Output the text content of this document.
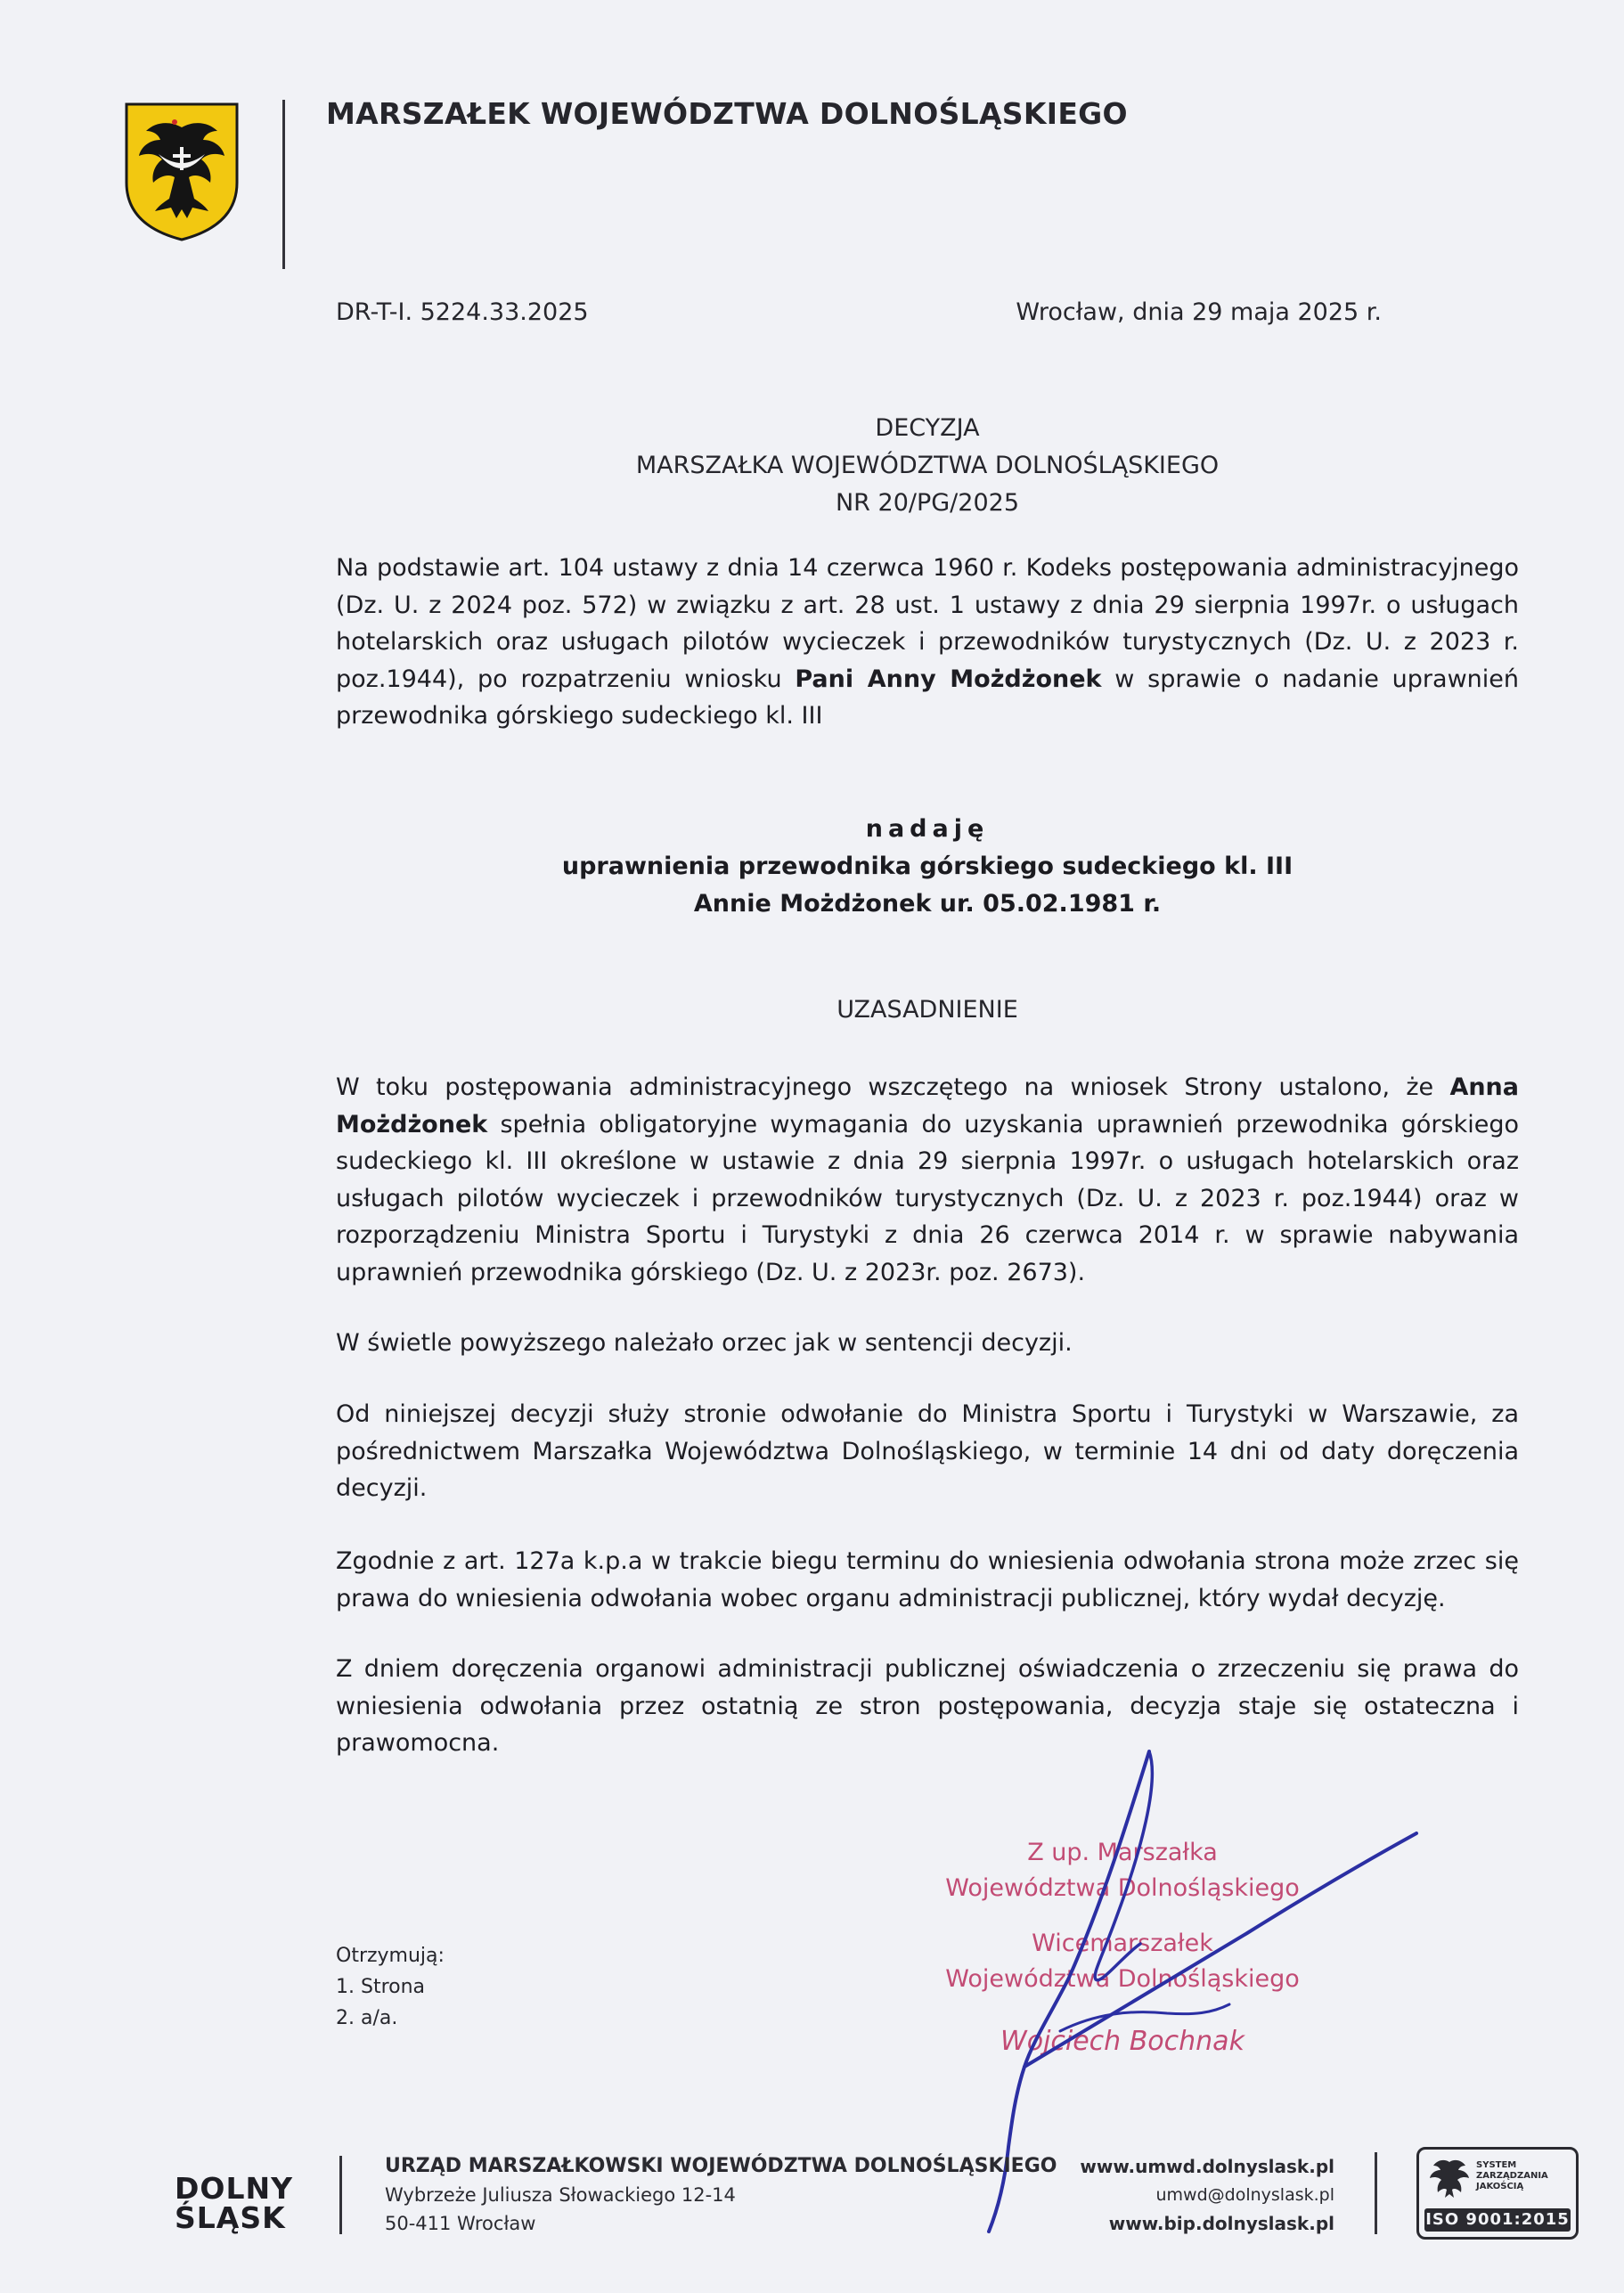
MARSZAŁEK WOJEWÓDZTWA DOLNOŚLĄSKIEGO
DR-T-I. 5224.33.2025	Wrocław, dnia 29 maja 2025 r.
DECYZJA
MARSZAŁKA WOJEWÓDZTWA DOLNOŚLĄSKIEGO
NR 20/PG/2025
Na podstawie art. 104 ustawy z dnia 14 czerwca 1960 r. Kodeks postępowania administracyjnego (Dz. U. z 2024 poz. 572) w związku z art. 28 ust. 1 ustawy z dnia 29 sierpnia 1997r. o usługach hotelarskich oraz usługach pilotów wycieczek i przewodników turystycznych (Dz. U. z 2023 r. poz.1944), po rozpatrzeniu wniosku Pani Anny Możdżonek w sprawie o nadanie uprawnień przewodnika górskiego sudeckiego kl. III
nadaję
uprawnienia przewodnika górskiego sudeckiego kl. III
Annie Możdżonek ur. 05.02.1981 r.
UZASADNIENIE
W toku postępowania administracyjnego wszczętego na wniosek Strony ustalono, że Anna Możdżonek spełnia obligatoryjne wymagania do uzyskania uprawnień przewodnika górskiego sudeckiego kl. III określone w ustawie z dnia 29 sierpnia 1997r. o usługach hotelarskich oraz usługach pilotów wycieczek i przewodników turystycznych (Dz. U. z 2023 r. poz.1944) oraz w rozporządzeniu Ministra Sportu i Turystyki z dnia 26 czerwca 2014 r. w sprawie nabywania uprawnień przewodnika górskiego (Dz. U. z 2023r. poz. 2673).
W świetle powyższego należało orzec jak w sentencji decyzji.
Od niniejszej decyzji służy stronie odwołanie do Ministra Sportu i Turystyki w Warszawie, za pośrednictwem Marszałka Województwa Dolnośląskiego, w terminie 14 dni od daty doręczenia decyzji.
Zgodnie z art. 127a k.p.a w trakcie biegu terminu do wniesienia odwołania strona może zrzec się prawa do wniesienia odwołania wobec organu administracji publicznej, który wydał decyzję.
Z dniem doręczenia organowi administracji publicznej oświadczenia o zrzeczeniu się prawa do wniesienia odwołania przez ostatnią ze stron postępowania, decyzja staje się ostateczna i prawomocna.
Z up. Marszałka
Województwa Dolnośląskiego
Wicemarszałek
Województwa Dolnośląskiego
Wojciech Bochnak
Otrzymują:
1. Strona
2. a/a.
DOLNY
ŚLĄSK
URZĄD MARSZAŁKOWSKI WOJEWÓDZTWA DOLNOŚLĄSKIEGO
Wybrzeże Juliusza Słowackiego 12-14
50-411 Wrocław
www.umwd.dolnyslask.pl
umwd@dolnyslask.pl
www.bip.dolnyslask.pl
SYSTEM ZARZĄDZANIA JAKOŚCIĄ
ISO 9001:2015
